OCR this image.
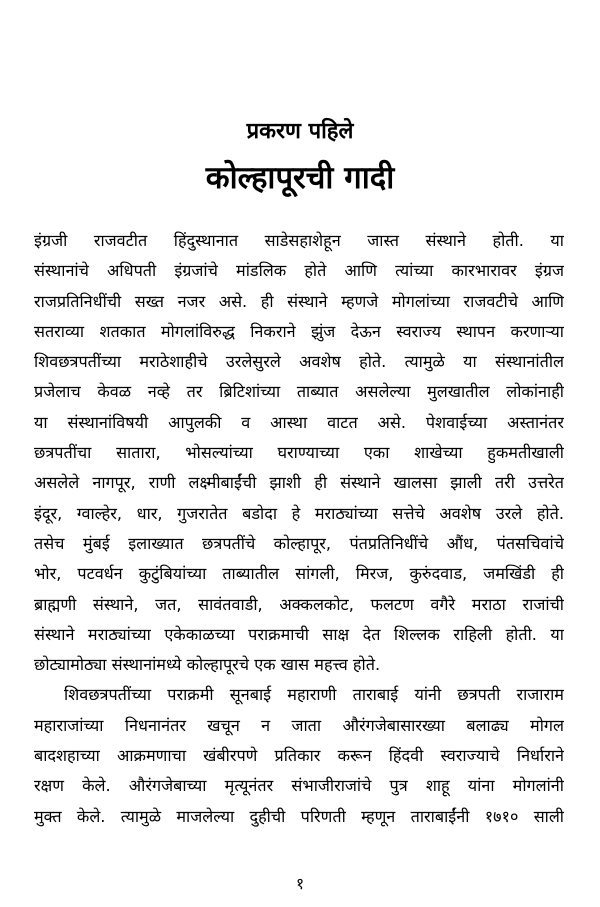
प्रकरण पहिले
कोल्हापूरची गादी
इंग्रजी राजवटीत हिंदुस्थानात साडेसहाशेहून जास्त संस्थाने होती. या
संस्थानांचे अधिपती इंग्रजांचे मांडलिक होते आणि त्यांच्या कारभारावर इंग्रज
राजप्रतिनिधींची सख्त नजर असे. ही संस्थाने म्हणजे मोगलांच्या राजवटीचे आणि
सतराव्या शतकात मोगलांविरुद्ध निकराने झुंज देऊन स्वराज्य स्थापन करणाऱ्या
शिवछत्रपतींच्या मराठेशाहीचे उरलेसुरले अवशेष होते. त्यामुळे या संस्थानांतील
प्रजेलाच केवळ नव्हे तर ब्रिटिशांच्या ताब्यात असलेल्या मुलखातील लोकांनाही
या संस्थानांविषयी आपुलकी व आस्था वाटत असे. पेशवाईच्या अस्तानंतर
छत्रपतींचा सातारा, भोसल्यांच्या घराण्याच्या एका शाखेच्या हुकमतीखाली
असलेले नागपूर, राणी लक्ष्मीबाईंची झाशी ही संस्थाने खालसा झाली तरी उत्तरेत
इंदूर, ग्वाल्हेर, धार, गुजरातेत बडोदा हे मराठ्यांच्या सत्तेचे अवशेष उरले होते.
तसेच मुंबई इलाख्यात छत्रपतींचे कोल्हापूर, पंतप्रतिनिधींचे औंध, पंतसचिवांचे
भोर, पटवर्धन कुटुंबियांच्या ताब्यातील सांगली, मिरज, कुरुंदवाड, जमखिंडी ही
ब्राह्मणी संस्थाने, जत, सावंतवाडी, अक्कलकोट, फलटण वगैरे मराठा राजांची
संस्थाने मराठ्यांच्या एकेकाळच्या पराक्रमाची साक्ष देत शिल्लक राहिली होती. या
छोट्यामोठ्या संस्थानांमध्ये कोल्हापूरचे एक खास महत्त्व होते.
शिवछत्रपतींच्या पराक्रमी सूनबाई महाराणी ताराबाई यांनी छत्रपती राजाराम
महाराजांच्या निधनानंतर खचून न जाता औरंगजेबासारख्या बलाढ्य मोगल
बादशहाच्या आक्रमणाचा खंबीरपणे प्रतिकार करून हिंदवी स्वराज्याचे निर्धाराने
रक्षण केले. औरंगजेबाच्या मृत्यूनंतर संभाजीराजांचे पुत्र शाहू यांना मोगलांनी
मुक्त केले. त्यामुळे माजलेल्या दुहीची परिणती म्हणून ताराबाईंनी १७१० साली
१
